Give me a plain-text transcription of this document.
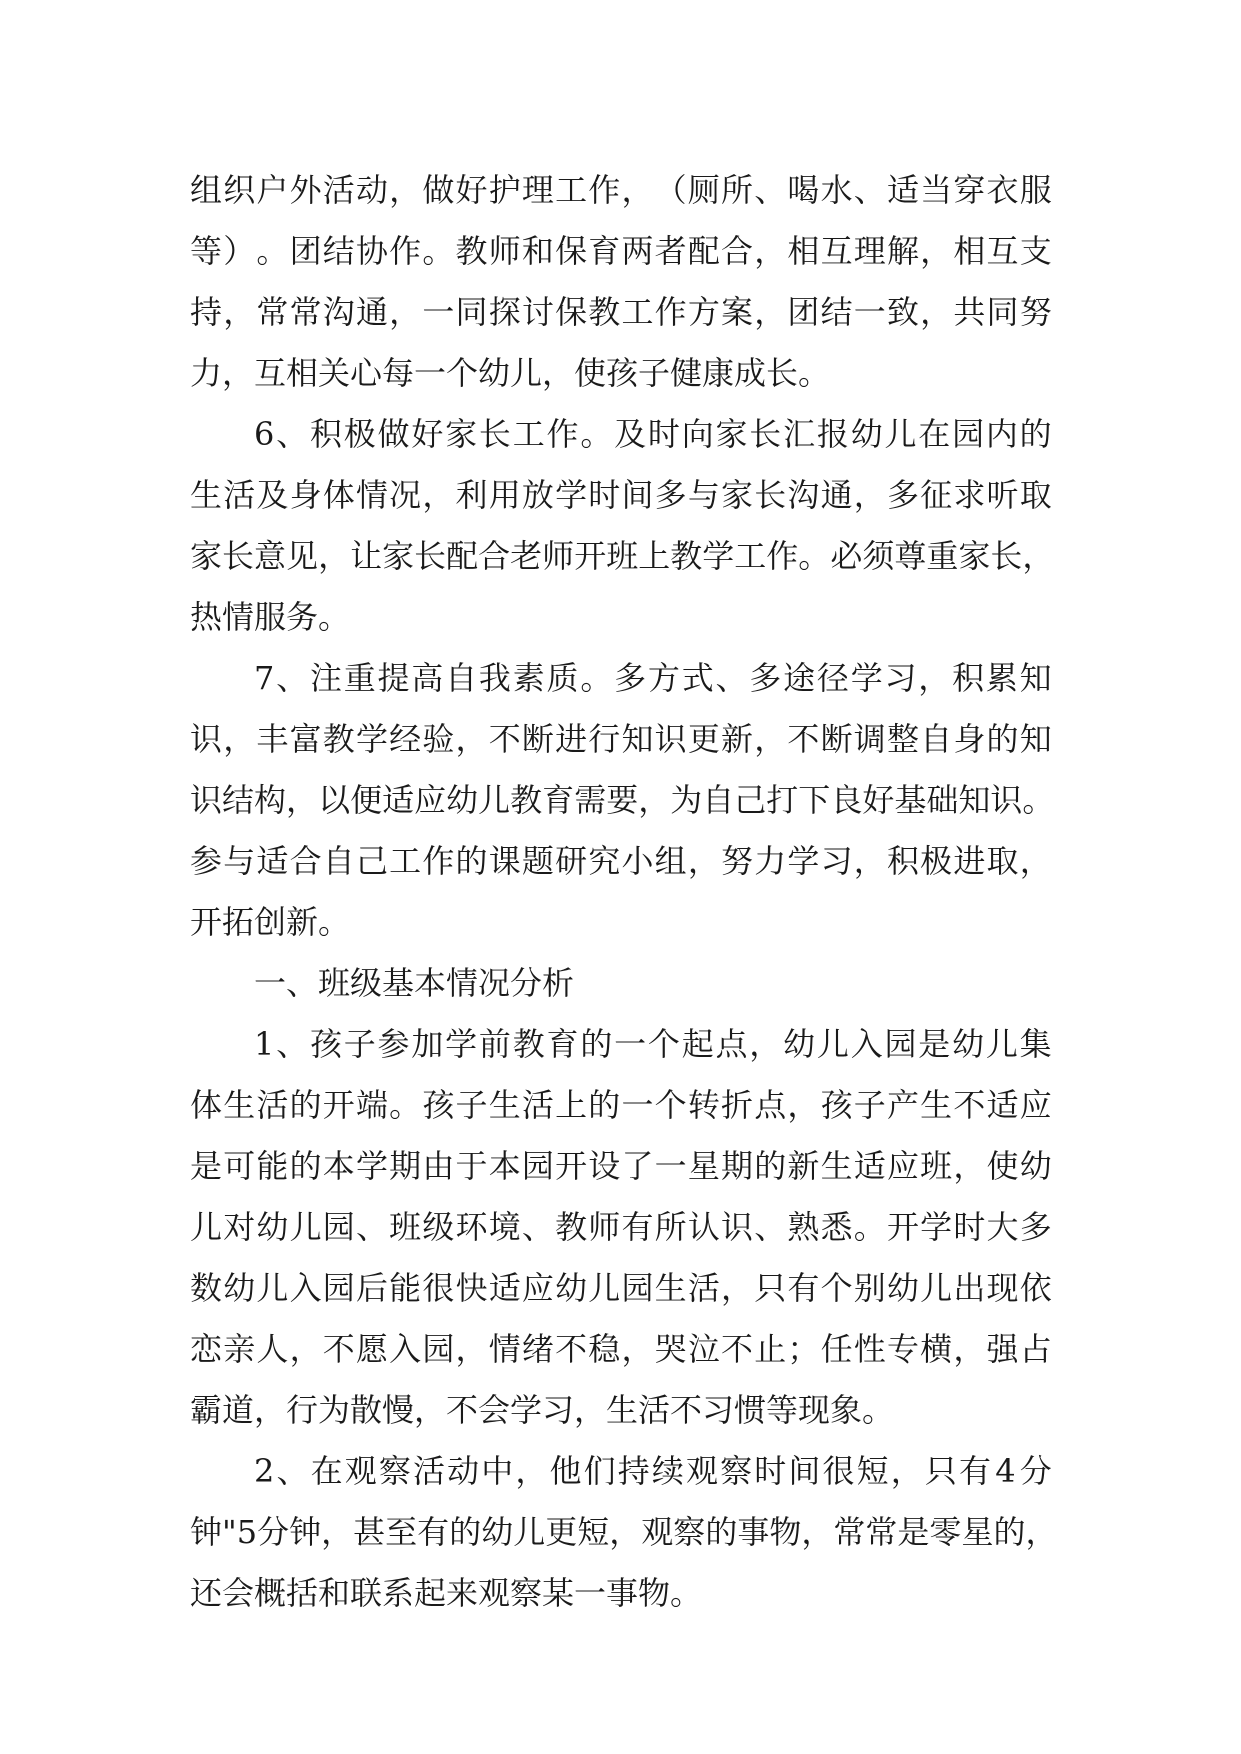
组 织 户 外 活 动 ， 做 好 护 理 工 作 ， （ 厕 所 、 喝 水 、 适 当 穿 衣 服
等 ） 。 团 结 协 作 。 教 师 和 保 育 两 者 配 合 ， 相 互 理 解 ， 相 互 支
持 ， 常 常 沟 通 ， 一 同 探 讨 保 教 工 作 方 案 ， 团 结 一 致 ， 共 同 努
力，互相关心每一个幼儿，使孩子健康成长。
6 、 积 极 做 好 家 长 工 作 。 及 时 向 家 长 汇 报 幼 儿 在 园 内 的
生 活 及 身 体 情 况 ， 利 用 放 学 时 间 多 与 家 长 沟 通 ， 多 征 求 听 取
家 长 意 见 ， 让 家 长 配 合 老 师 开 班 上 教 学 工 作 。 必 须 尊 重 家 长 ，
热情服务。
7 、 注 重 提 高 自 我 素 质 。 多 方 式 、 多 途 径 学 习 ， 积 累 知
识 ， 丰 富 教 学 经 验 ， 不 断 进 行 知 识 更 新 ， 不 断 调 整 自 身 的 知
识 结 构 ， 以 便 适 应 幼 儿 教 育 需 要 ， 为 自 己 打 下 良 好 基 础 知 识 。
参 与 适 合 自 己 工 作 的 课 题 研 究 小 组 ， 努 力 学 习 ， 积 极 进 取 ，
开拓创新。
一、班级基本情况分析
1 、 孩 子 参 加 学 前 教 育 的 一 个 起 点 ， 幼 儿 入 园 是 幼 儿 集
体 生 活 的 开 端 。 孩 子 生 活 上 的 一 个 转 折 点 ， 孩 子 产 生 不 适 应
是 可 能 的 本 学 期 由 于 本 园 开 设 了 一 星 期 的 新 生 适 应 班 ， 使 幼
儿 对 幼 儿 园 、 班 级 环 境 、 教 师 有 所 认 识 、 熟 悉 。 开 学 时 大 多
数 幼 儿 入 园 后 能 很 快 适 应 幼 儿 园 生 活 ， 只 有 个 别 幼 儿 出 现 依
恋 亲 人 ， 不 愿 入 园 ， 情 绪 不 稳 ， 哭 泣 不 止 ； 任 性 专 横 ， 强 占
霸道，行为散慢，不会学习，生活不习惯等现象。
2 、 在 观 察 活 动 中 ， 他 们 持 续 观 察 时 间 很 短 ， 只 有 4 分
钟 " 5 分 钟 ， 甚 至 有 的 幼 儿 更 短 ， 观 察 的 事 物 ， 常 常 是 零 星 的 ，
还会概括和联系起来观察某一事物。
